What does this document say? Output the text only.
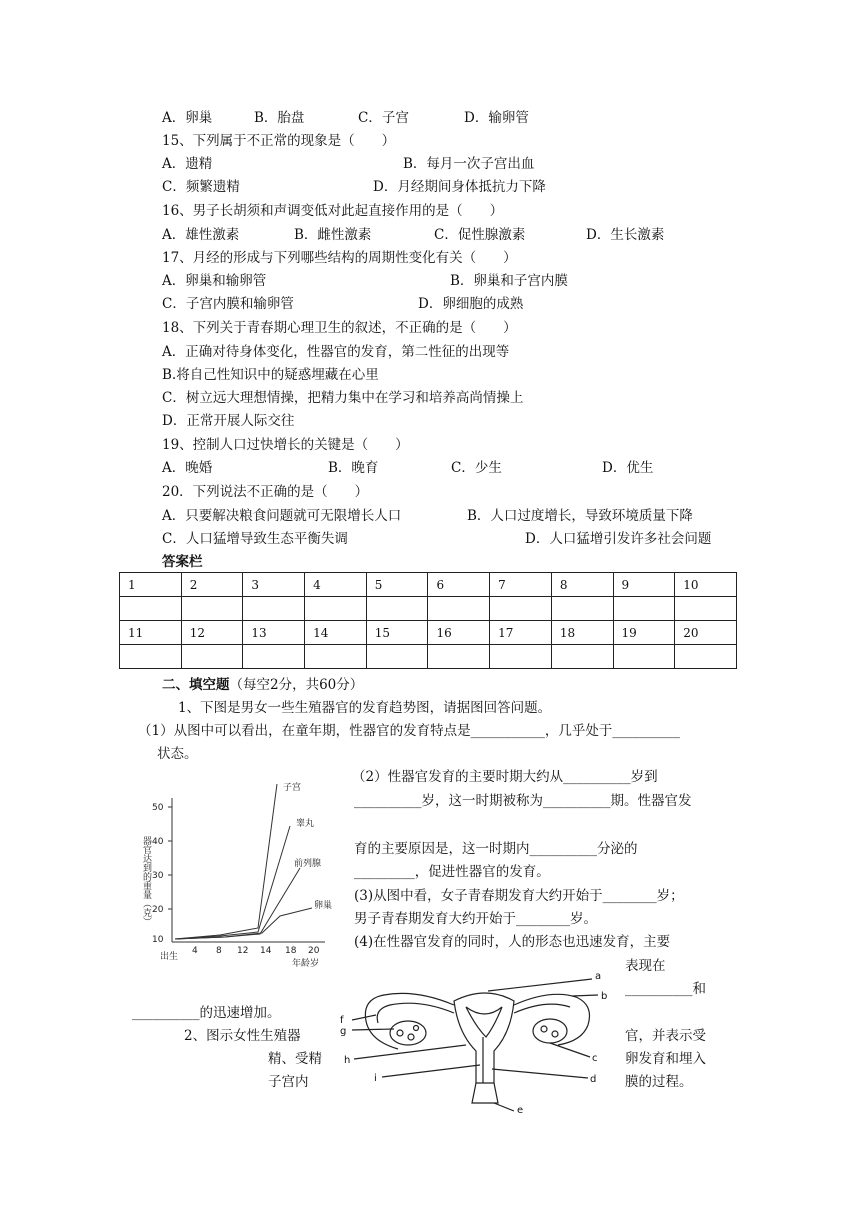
A．卵巢	B．胎盘	C．子宫	D．输卵管
15、下列属于不正常的现象是（　　）
A．遗精	B．每月一次子宫出血
C．频繁遗精	D．月经期间身体抵抗力下降
16、男子长胡须和声调变低对此起直接作用的是（　　）
A．雄性激素	B．雌性激素	C．促性腺激素	D．生长激素
17、月经的形成与下列哪些结构的周期性变化有关（　　）
A．卵巢和输卵管	B．卵巢和子宫内膜
C．子宫内膜和输卵管	D．卵细胞的成熟
18、下列关于青春期心理卫生的叙述，不正确的是（　　）
A．正确对待身体变化，性器官的发育，第二性征的出现等
B.将自己性知识中的疑惑埋藏在心里
C．树立远大理想情操，把精力集中在学习和培养高尚情操上
D．正常开展人际交往
19、控制人口过快增长的关键是（　　）
A．晚婚	B．晚育	C．少生	D．优生
20．下列说法不正确的是（　　）
A．只要解决粮食问题就可无限增长人口	B．人口过度增长，导致环境质量下降
C．人口猛增导致生态平衡失调	D．人口猛增引发许多社会问题
答案栏
1	2	3	4	5	6	7	8	9	10

11	12	13	14	15	16	17	18	19	20

二、填空题（每空2分，共60分）
1、下图是男女一些生殖器官的发育趋势图，请据图回答问题。
（1）从图中可以看出，在童年期，性器官的发育特点是___________，几乎处于__________
状态。
（2）性器官发育的主要时期大约从__________岁到
__________岁，这一时期被称为__________期。性器官发
育的主要原因是，这一时期内__________分泌的
_________，促进性器官的发育。
(3)从图中看，女子青春期发育大约开始于________岁；
男子青春期发育大约开始于________岁。
(4)在性器官发育的同时，人的形态也迅速发育，主要
表现在
__________和
__________的迅速增加。
2、图示女性生殖器
精、受精
子宫内
官，并表示受
卵发育和埋入
膜的过程。
50
40
30
20
10
4 8 12 14 18 20
出生
年龄岁
子宫
睾丸
前列腺
卵巢
器官达到的重量（克）
a
b
c
d
e
f
g
h
i
